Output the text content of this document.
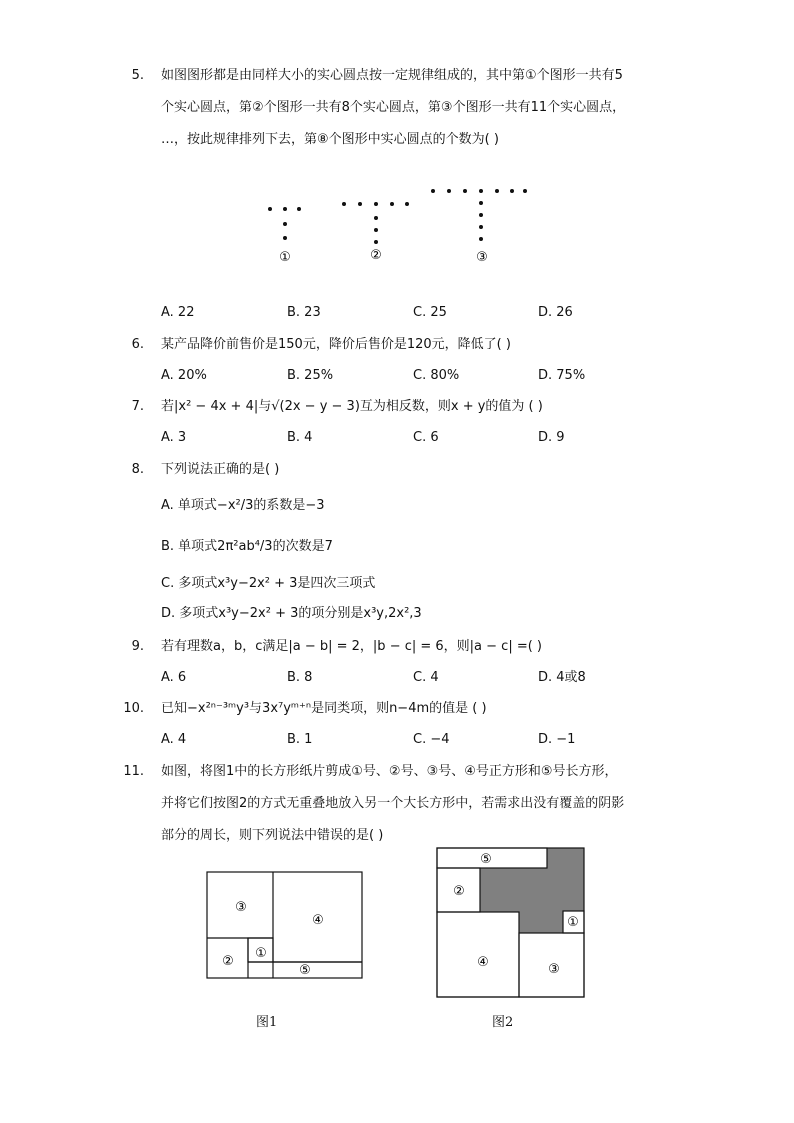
5. 如图图形都是由同样大小的实心圆点按一定规律组成的，其中第①个图形一共有5
个实心圆点，第②个图形一共有8个实心圆点，第③个图形一共有11个实心圆点，
…，按此规律排列下去，第⑧个图形中实心圆点的个数为( )
①	②	③
A. 22	B. 23	C. 25	D. 26
6. 某产品降价前售价是150元，降价后售价是120元，降低了( )
A. 20%	B. 25%	C. 80%	D. 75%
7. 若|x² − 4x + 4|与√(2x − y − 3)互为相反数，则x + y的值为 ( )
A. 3	B. 4	C. 6	D. 9
8. 下列说法正确的是( )
A. 单项式−x²/3的系数是−3
B. 单项式2π²ab⁴/3的次数是7
C. 多项式x³y−2x² + 3是四次三项式
D. 多项式x³y−2x² + 3的项分别是x³y,2x²,3
9. 若有理数a，b，c满足|a − b| = 2，|b − c| = 6，则|a − c| =( )
A. 6	B. 8	C. 4	D. 4或8
10. 已知−x²ⁿ⁻³ᵐy³与3x⁷yᵐ⁺ⁿ是同类项，则n−4m的值是 ( )
A. 4	B. 1	C. −4	D. −1
11. 如图，将图1中的长方形纸片剪成①号、②号、③号、④号正方形和⑤号长方形，
并将它们按图2的方式无重叠地放入另一个大长方形中，若需求出没有覆盖的阴影
部分的周长，则下列说法中错误的是( )
③
④
②
①
⑤
图1
⑤
②
①
④	③
图2
